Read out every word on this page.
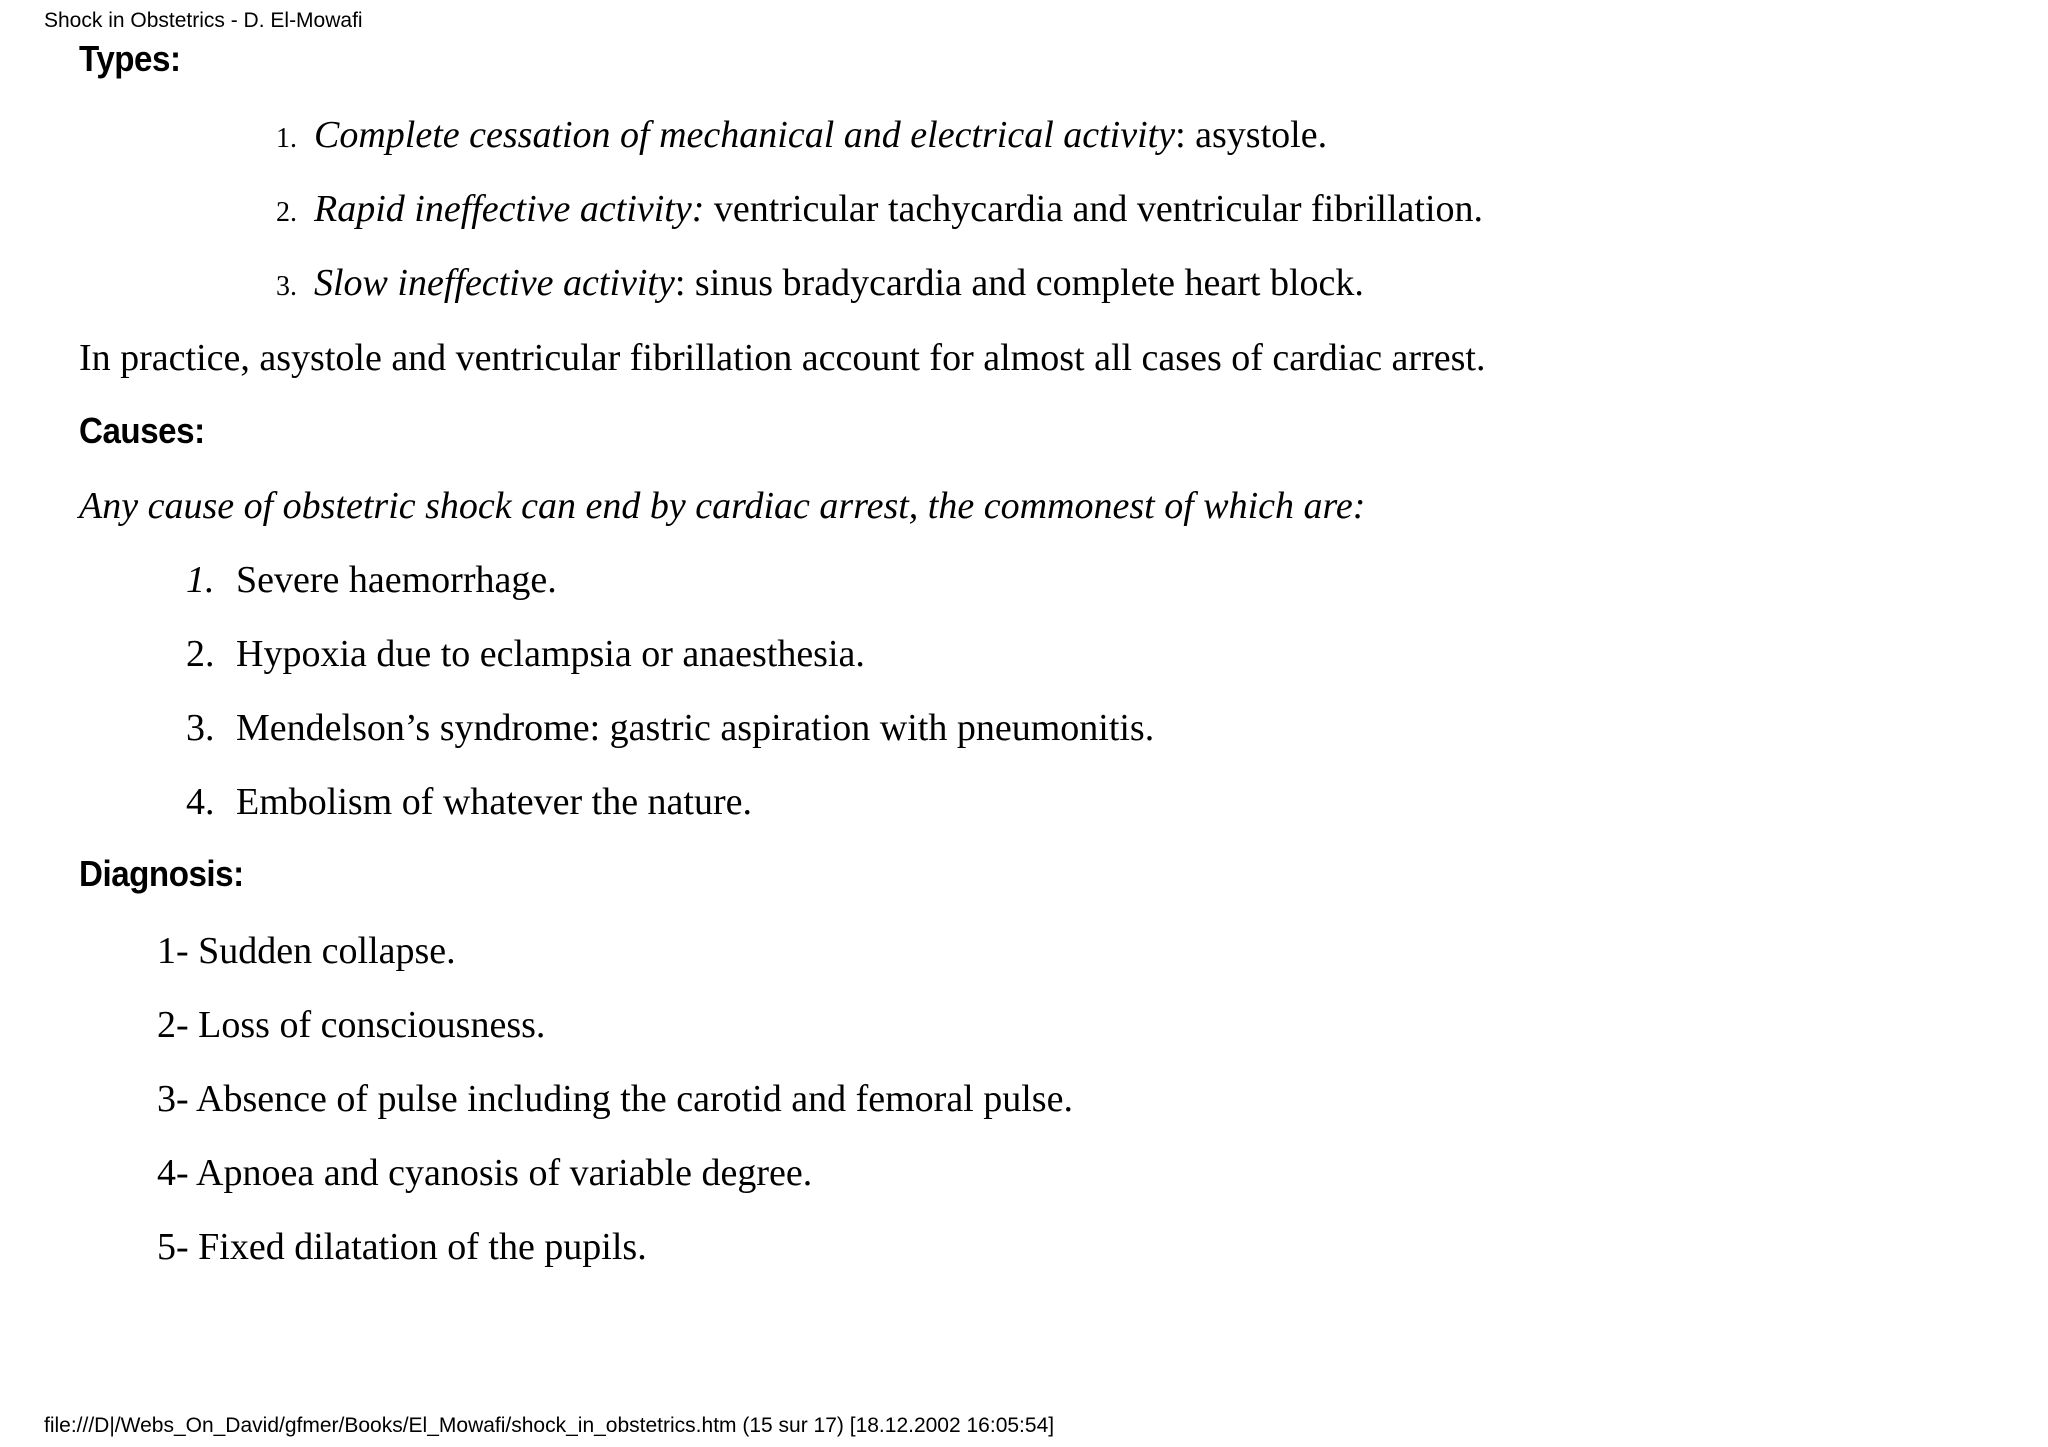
Shock in Obstetrics - D. El-Mowafi
Types:
1. Complete cessation of mechanical and electrical activity: asystole.
2. Rapid ineffective activity: ventricular tachycardia and ventricular fibrillation.
3. Slow ineffective activity: sinus bradycardia and complete heart block.
In practice, asystole and ventricular fibrillation account for almost all cases of cardiac arrest.
Causes:
Any cause of obstetric shock can end by cardiac arrest, the commonest of which are:
1. Severe haemorrhage.
2. Hypoxia due to eclampsia or anaesthesia.
3. Mendelson’s syndrome: gastric aspiration with pneumonitis.
4. Embolism of whatever the nature.
Diagnosis:
1- Sudden collapse.
2- Loss of consciousness.
3- Absence of pulse including the carotid and femoral pulse.
4- Apnoea and cyanosis of variable degree.
5- Fixed dilatation of the pupils.
file:///D|/Webs_On_David/gfmer/Books/El_Mowafi/shock_in_obstetrics.htm (15 sur 17) [18.12.2002 16:05:54]
